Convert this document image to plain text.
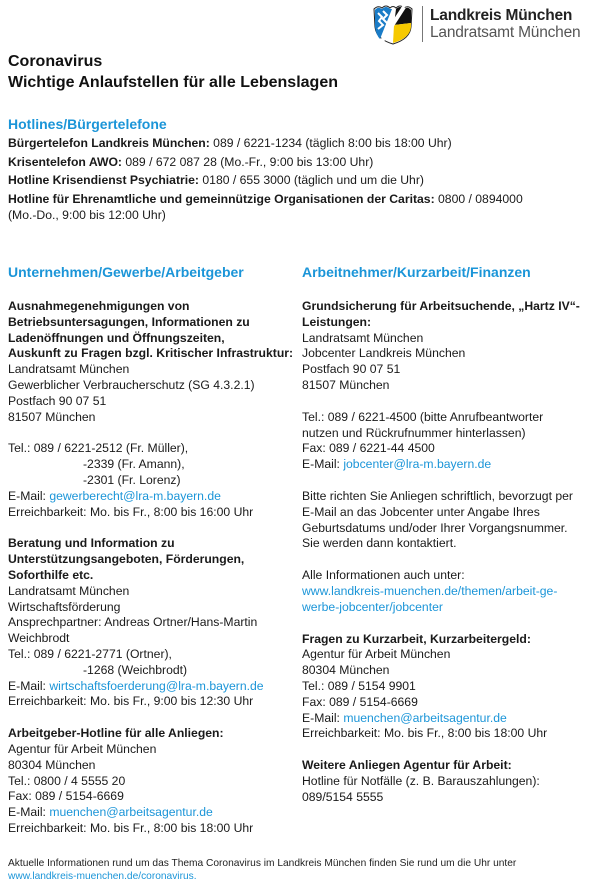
Landkreis München
Landratsamt München
Coronavirus
Wichtige Anlaufstellen für alle Lebenslagen
Hotlines/Bürgertelefone
Bürgertelefon Landkreis München: 089 / 6221-1234 (täglich 8:00 bis 18:00 Uhr)
Krisentelefon AWO: 089 / 672 087 28 (Mo.-Fr., 9:00 bis 13:00 Uhr)
Hotline Krisendienst Psychiatrie: 0180 / 655 3000 (täglich und um die Uhr)
Hotline für Ehrenamtliche und gemeinnützige Organisationen der Caritas: 0800 / 0894000
(Mo.-Do., 9:00 bis 12:00 Uhr)
Unternehmen/Gewerbe/Arbeitgeber
Ausnahmegenehmigungen von
Betriebsuntersagungen, Informationen zu
Ladenöffnungen und Öffnungszeiten,
Auskunft zu Fragen bzgl. Kritischer Infrastruktur:
Landratsamt München
Gewerblicher Verbraucherschutz (SG 4.3.2.1)
Postfach 90 07 51
81507 München
Tel.: 089 / 6221-2512 (Fr. Müller),
-2339 (Fr. Amann),
-2301 (Fr. Lorenz)
E-Mail: gewerberecht@lra-m.bayern.de
Erreichbarkeit: Mo. bis Fr., 8:00 bis 16:00 Uhr
Beratung und Information zu
Unterstützungsangeboten, Förderungen,
Soforthilfe etc.
Landratsamt München
Wirtschaftsförderung
Ansprechpartner: Andreas Ortner/Hans-Martin
Weichbrodt
Tel.: 089 / 6221-2771 (Ortner),
-1268 (Weichbrodt)
E-Mail: wirtschaftsfoerderung@lra-m.bayern.de
Erreichbarkeit: Mo. bis Fr., 9:00 bis 12:30 Uhr
Arbeitgeber-Hotline für alle Anliegen:
Agentur für Arbeit München
80304 München
Tel.: 0800 / 4 5555 20
Fax: 089 / 5154-6669
E-Mail: muenchen@arbeitsagentur.de
Erreichbarkeit: Mo. bis Fr., 8:00 bis 18:00 Uhr
Arbeitnehmer/Kurzarbeit/Finanzen
Grundsicherung für Arbeitsuchende, „Hartz IV“-
Leistungen:
Landratsamt München
Jobcenter Landkreis München
Postfach 90 07 51
81507 München
Tel.: 089 / 6221-4500 (bitte Anrufbeantworter
nutzen und Rückrufnummer hinterlassen)
Fax: 089 / 6221-44 4500
E-Mail: jobcenter@lra-m.bayern.de
Bitte richten Sie Anliegen schriftlich, bevorzugt per
E-Mail an das Jobcenter unter Angabe Ihres
Geburtsdatums und/oder Ihrer Vorgangsnummer.
Sie werden dann kontaktiert.
Alle Informationen auch unter:
www.landkreis-muenchen.de/themen/arbeit-ge-
werbe-jobcenter/jobcenter
Fragen zu Kurzarbeit, Kurzarbeitergeld:
Agentur für Arbeit München
80304 München
Tel.: 089 / 5154 9901
Fax: 089 / 5154-6669
E-Mail: muenchen@arbeitsagentur.de
Erreichbarkeit: Mo. bis Fr., 8:00 bis 18:00 Uhr
Weitere Anliegen Agentur für Arbeit:
Hotline für Notfälle (z. B. Barauszahlungen):
089/5154 5555
Aktuelle Informationen rund um das Thema Coronavirus im Landkreis München finden Sie rund um die Uhr unter
www.landkreis-muenchen.de/coronavirus.
